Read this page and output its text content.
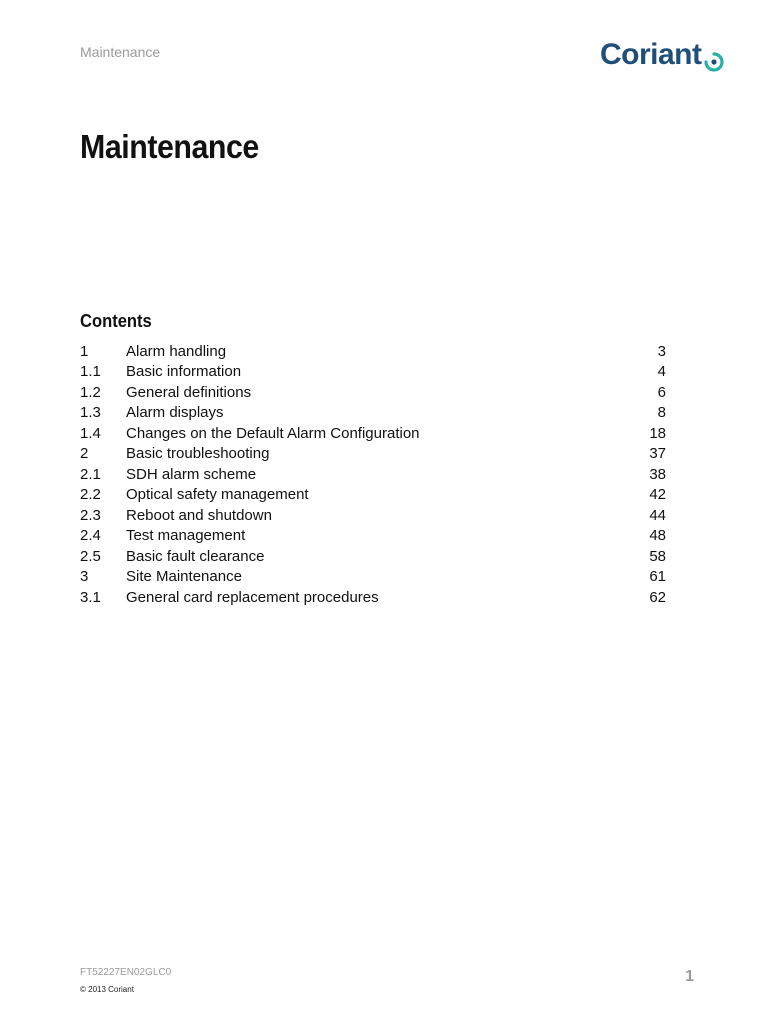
Maintenance	Coriant
Maintenance
Contents
1	Alarm handling	3
1.1	Basic information	4
1.2	General definitions	6
1.3	Alarm displays	8
1.4	Changes on the Default Alarm Configuration	18
2	Basic troubleshooting	37
2.1	SDH alarm scheme	38
2.2	Optical safety management	42
2.3	Reboot and shutdown	44
2.4	Test management	48
2.5	Basic fault clearance	58
3	Site Maintenance	61
3.1	General card replacement procedures	62
FT52227EN02GLC0
© 2013 Coriant
1
